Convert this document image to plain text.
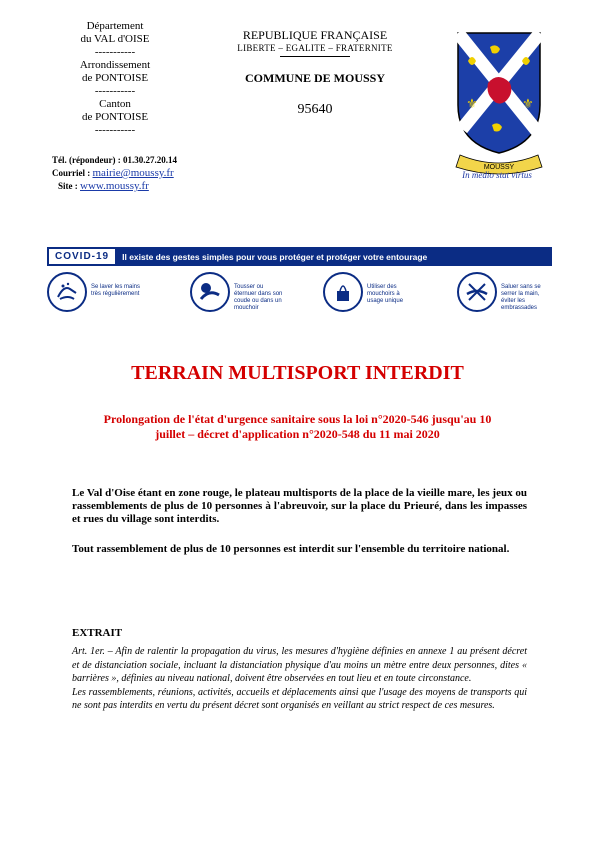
Département
du VAL d'OISE
-----------
Arrondissement
de PONTOISE
-----------
Canton
de PONTOISE
-----------
Tél. (répondeur) : 01.30.27.20.14
Courriel : mairie@moussy.fr
Site : www.moussy.fr
REPUBLIQUE FRANÇAISE
LIBERTE – EGALITE – FRATERNITE
COMMUNE DE MOUSSY
95640	⚜	⚜
MOUSSY
In medio stat virtus
COVID-19	Il existe des gestes simples pour vous protéger et protéger votre entourage
Se laver les mains très régulièrement
Tousser ou éternuer dans son coude ou dans un mouchoir
Utiliser des mouchoirs à usage unique
Saluer sans se serrer la main, éviter les embrassades
TERRAIN MULTISPORT INTERDIT
Prolongation de l'état d'urgence sanitaire sous la loi n°2020-546 jusqu'au 10 juillet – décret d'application n°2020-548 du 11 mai 2020
Le Val d'Oise étant en zone rouge, le plateau multisports de la place de la vieille mare, les jeux ou rassemblements de plus de 10 personnes à l'abreuvoir, sur la place du Prieuré, dans les impasses et rues du village sont interdits.
Tout rassemblement de plus de 10 personnes est interdit sur l'ensemble du territoire national.
EXTRAIT

Art. 1er. – Afin de ralentir la propagation du virus, les mesures d'hygiène définies en annexe 1 au présent décret et de distanciation sociale, incluant la distanciation physique d'au moins un mètre entre deux personnes, dites « barrières », définies au niveau national, doivent être observées en tout lieu et en toute circonstance.

Les rassemblements, réunions, activités, accueils et déplacements ainsi que l'usage des moyens de transports qui ne sont pas interdits en vertu du présent décret sont organisés en veillant au strict respect de ces mesures.
